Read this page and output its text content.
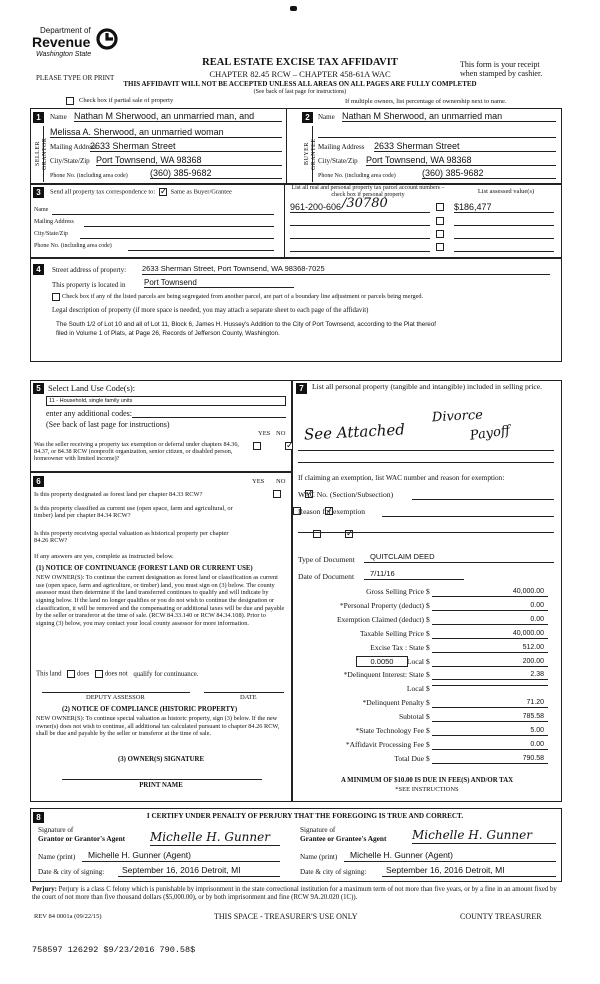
Department of
Revenue
Washington State
PLEASE TYPE OR PRINT
REAL ESTATE EXCISE TAX AFFIDAVIT
CHAPTER 82.45 RCW – CHAPTER 458-61A WAC
THIS AFFIDAVIT WILL NOT BE ACCEPTED UNLESS ALL AREAS ON ALL PAGES ARE FULLY COMPLETED
(See back of last page for instructions)
This form is your receipt
when stamped by cashier.
$^{Check box if partial sale of property}$	If multiple owners, list percentage of ownership next to name.
1
SELLER GRANTOR
Name Nathan M Sherwood, an unmarried man, and
Melissa A. Sherwood, an unmarried woman
Mailing Address
2633 Sherman Street
City/State/Zip Port Townsend, WA 98368
Phone No. (including area code) (360) 385-9682
2
BUYER GRANTEE
Name Nathan M Sherwood, an unmarried man
Mailing Address 2633 Sherman Street
City/State/Zip Port Townsend, WA 98368
Phone No. (including area code)	(360) 385-9682
3	Send all property tax correspondence to: ✓ Same as Buyer/Grantee
Name
Mailing Address
City/State/Zip
Phone No. (including area code)
List all real and personal property tax parcel account numbers – check box if personal property	List assessed value(s)
961-200-606 /30780	$186,477
4	Street address of property: 2633 Sherman Street, Port Townsend, WA 98368-7025
This property is located in Port Townsend
$^{Check box if any of the listed parcels are being segregated from another parcel, are part of a boundary line adjustment or parcels being merged.}$
Legal description of property (if more space is needed, you may attach a separate sheet to each page of the affidavit)
The South 1/2 of Lot 10 and all of Lot 11, Block 6, James H. Hussey's Addition to the City of Port Townsend, according to the Plat thereof
filed in Volume 1 of Plats, at Page 26, Records of Jefferson County, Washington.
5 Select Land Use Code(s):
11 - Household, single family units
enter any additional codes:
(See back of last page for instructions)
YES NO
Was the seller receiving a property tax exemption or deferral under chapters 84.36, 84.37, or 84.38 RCW (nonprofit organization, senior citizen, or disabled person, homeowner with limited income)?
✓
6	YES NO
Is this property designated as forest land per chapter 84.33 RCW?
✓
Is this property classified as current use (open space, farm and agricultural, or timber) land per chapter 84.34 RCW?
✓
Is this property receiving special valuation as historical property per chapter 84.26 RCW?
✓
If any answers are yes, complete as instructed below.
(1) NOTICE OF CONTINUANCE (FOREST LAND OR CURRENT USE)
NEW OWNER(S): To continue the current designation as forest land or classification as current use (open space, farm and agriculture, or timber) land, you must sign on (3) below. The county assessor must then determine if the land transferred continues to qualify and will indicate by signing below. If the land no longer qualifies or you do not wish to continue the designation or classification, it will be removed and the compensating or additional taxes will be due and payable by the seller or transferor at the time of sale. (RCW 84.33.140 or RCW 84.34.108). Prior to signing (3) below, you may contact your local county assessor for more information.
This land does does not qualify for continuance.
DEPUTY ASSESSOR	DATE
(2) NOTICE OF COMPLIANCE (HISTORIC PROPERTY)
NEW OWNER(S): To continue special valuation as historic property, sign (3) below. If the new owner(s) does not wish to continue, all additional tax calculated pursuant to chapter 84.26 RCW, shall be due and payable by the seller or transferor at the time of sale.
(3) OWNER(S) SIGNATURE
PRINT NAME
7	List all personal property (tangible and intangible) included in selling price.
See Attached
Divorce
Payoff
If claiming an exemption, list WAC number and reason for exemption:
WAC No. (Section/Subsection)
Reason for exemption
Type of Document	QUITCLAIM DEED
Date of Document	7/11/16
Gross Selling Price $	40,000.00
*Personal Property (deduct) $	0.00
Exemption Claimed (deduct) $	0.00
Taxable Selling Price $	40,000.00
Excise Tax : State $	512.00
Local $	200.00
*Delinquent Interest: State $	2.38
Local $
*Delinquent Penalty $	71.20
Subtotal $	785.58
*State Technology Fee $	5.00
*Affidavit Processing Fee $	0.00
Total Due $	790.58
0.0050
A MINIMUM OF $10.00 IS DUE IN FEE(S) AND/OR TAX
*SEE INSTRUCTIONS
8	I CERTIFY UNDER PENALTY OF PERJURY THAT THE FOREGOING IS TRUE AND CORRECT.
Signature of
Grantor or Grantor's Agent Michelle H. Gunner
Name (print)	Michelle H. Gunner (Agent)
Date & city of signing:	September 16, 2016 Detroit, MI
Signature of
Grantee or Grantee's Agent Michelle H. Gunner
Name (print)	Michelle H. Gunner (Agent)
Date & city of signing:	September 16, 2016 Detroit, MI
Perjury: Perjury is a class C felony which is punishable by imprisonment in the state correctional institution for a maximum term of not more than five years, or by a fine in an amount fixed by the court of not more than five thousand dollars ($5,000.00), or by both imprisonment and fine (RCW 9A.20.020 (1C)).
REV 84 0001a (09/22/15)	THIS SPACE - TREASURER'S USE ONLY	COUNTY TREASURER
758597 126292 $9/23/2016 790.58$
